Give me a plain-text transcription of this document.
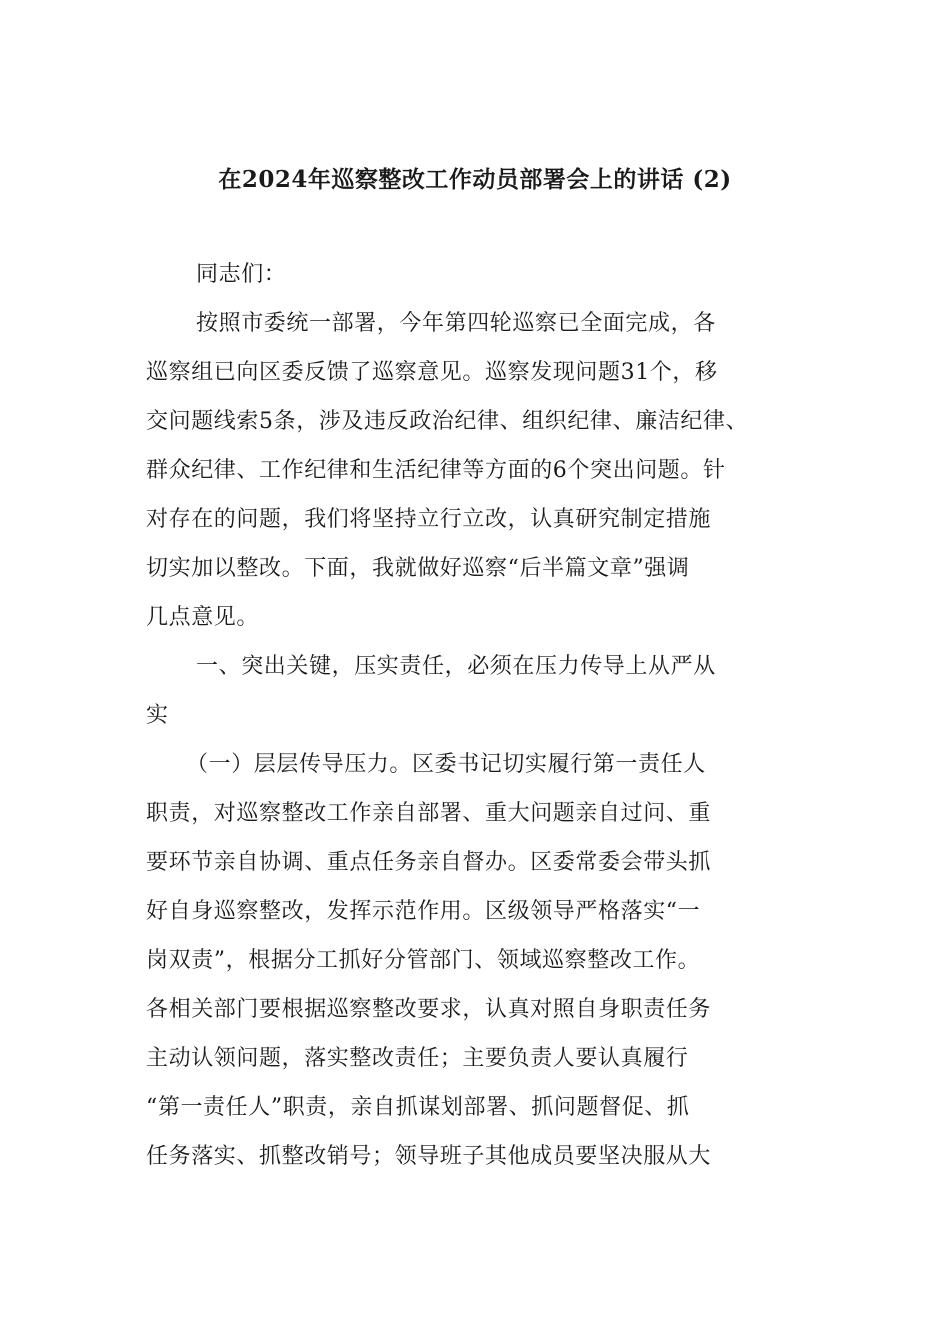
在2024年巡察整改工作动员部署会上的讲话 (2)
同志们：
按照市委统一部署，今年第四轮巡察已全面完成，各
巡察组已向区委反馈了巡察意见。巡察发现问题31个，移
交问题线索5条，涉及违反政治纪律、组织纪律、廉洁纪律、
群众纪律、工作纪律和生活纪律等方面的6个突出问题。针
对存在的问题，我们将坚持立行立改，认真研究制定措施
切实加以整改。下面，我就做好巡察“后半篇文章”强调
几点意见。
一、突出关键，压实责任，必须在压力传导上从严从
实
（一）层层传导压力。区委书记切实履行第一责任人
职责，对巡察整改工作亲自部署、重大问题亲自过问、重
要环节亲自协调、重点任务亲自督办。区委常委会带头抓
好自身巡察整改，发挥示范作用。区级领导严格落实“一
岗双责”，根据分工抓好分管部门、领域巡察整改工作。
各相关部门要根据巡察整改要求，认真对照自身职责任务
主动认领问题，落实整改责任；主要负责人要认真履行
“第一责任人”职责，亲自抓谋划部署、抓问题督促、抓
任务落实、抓整改销号；领导班子其他成员要坚决服从大
